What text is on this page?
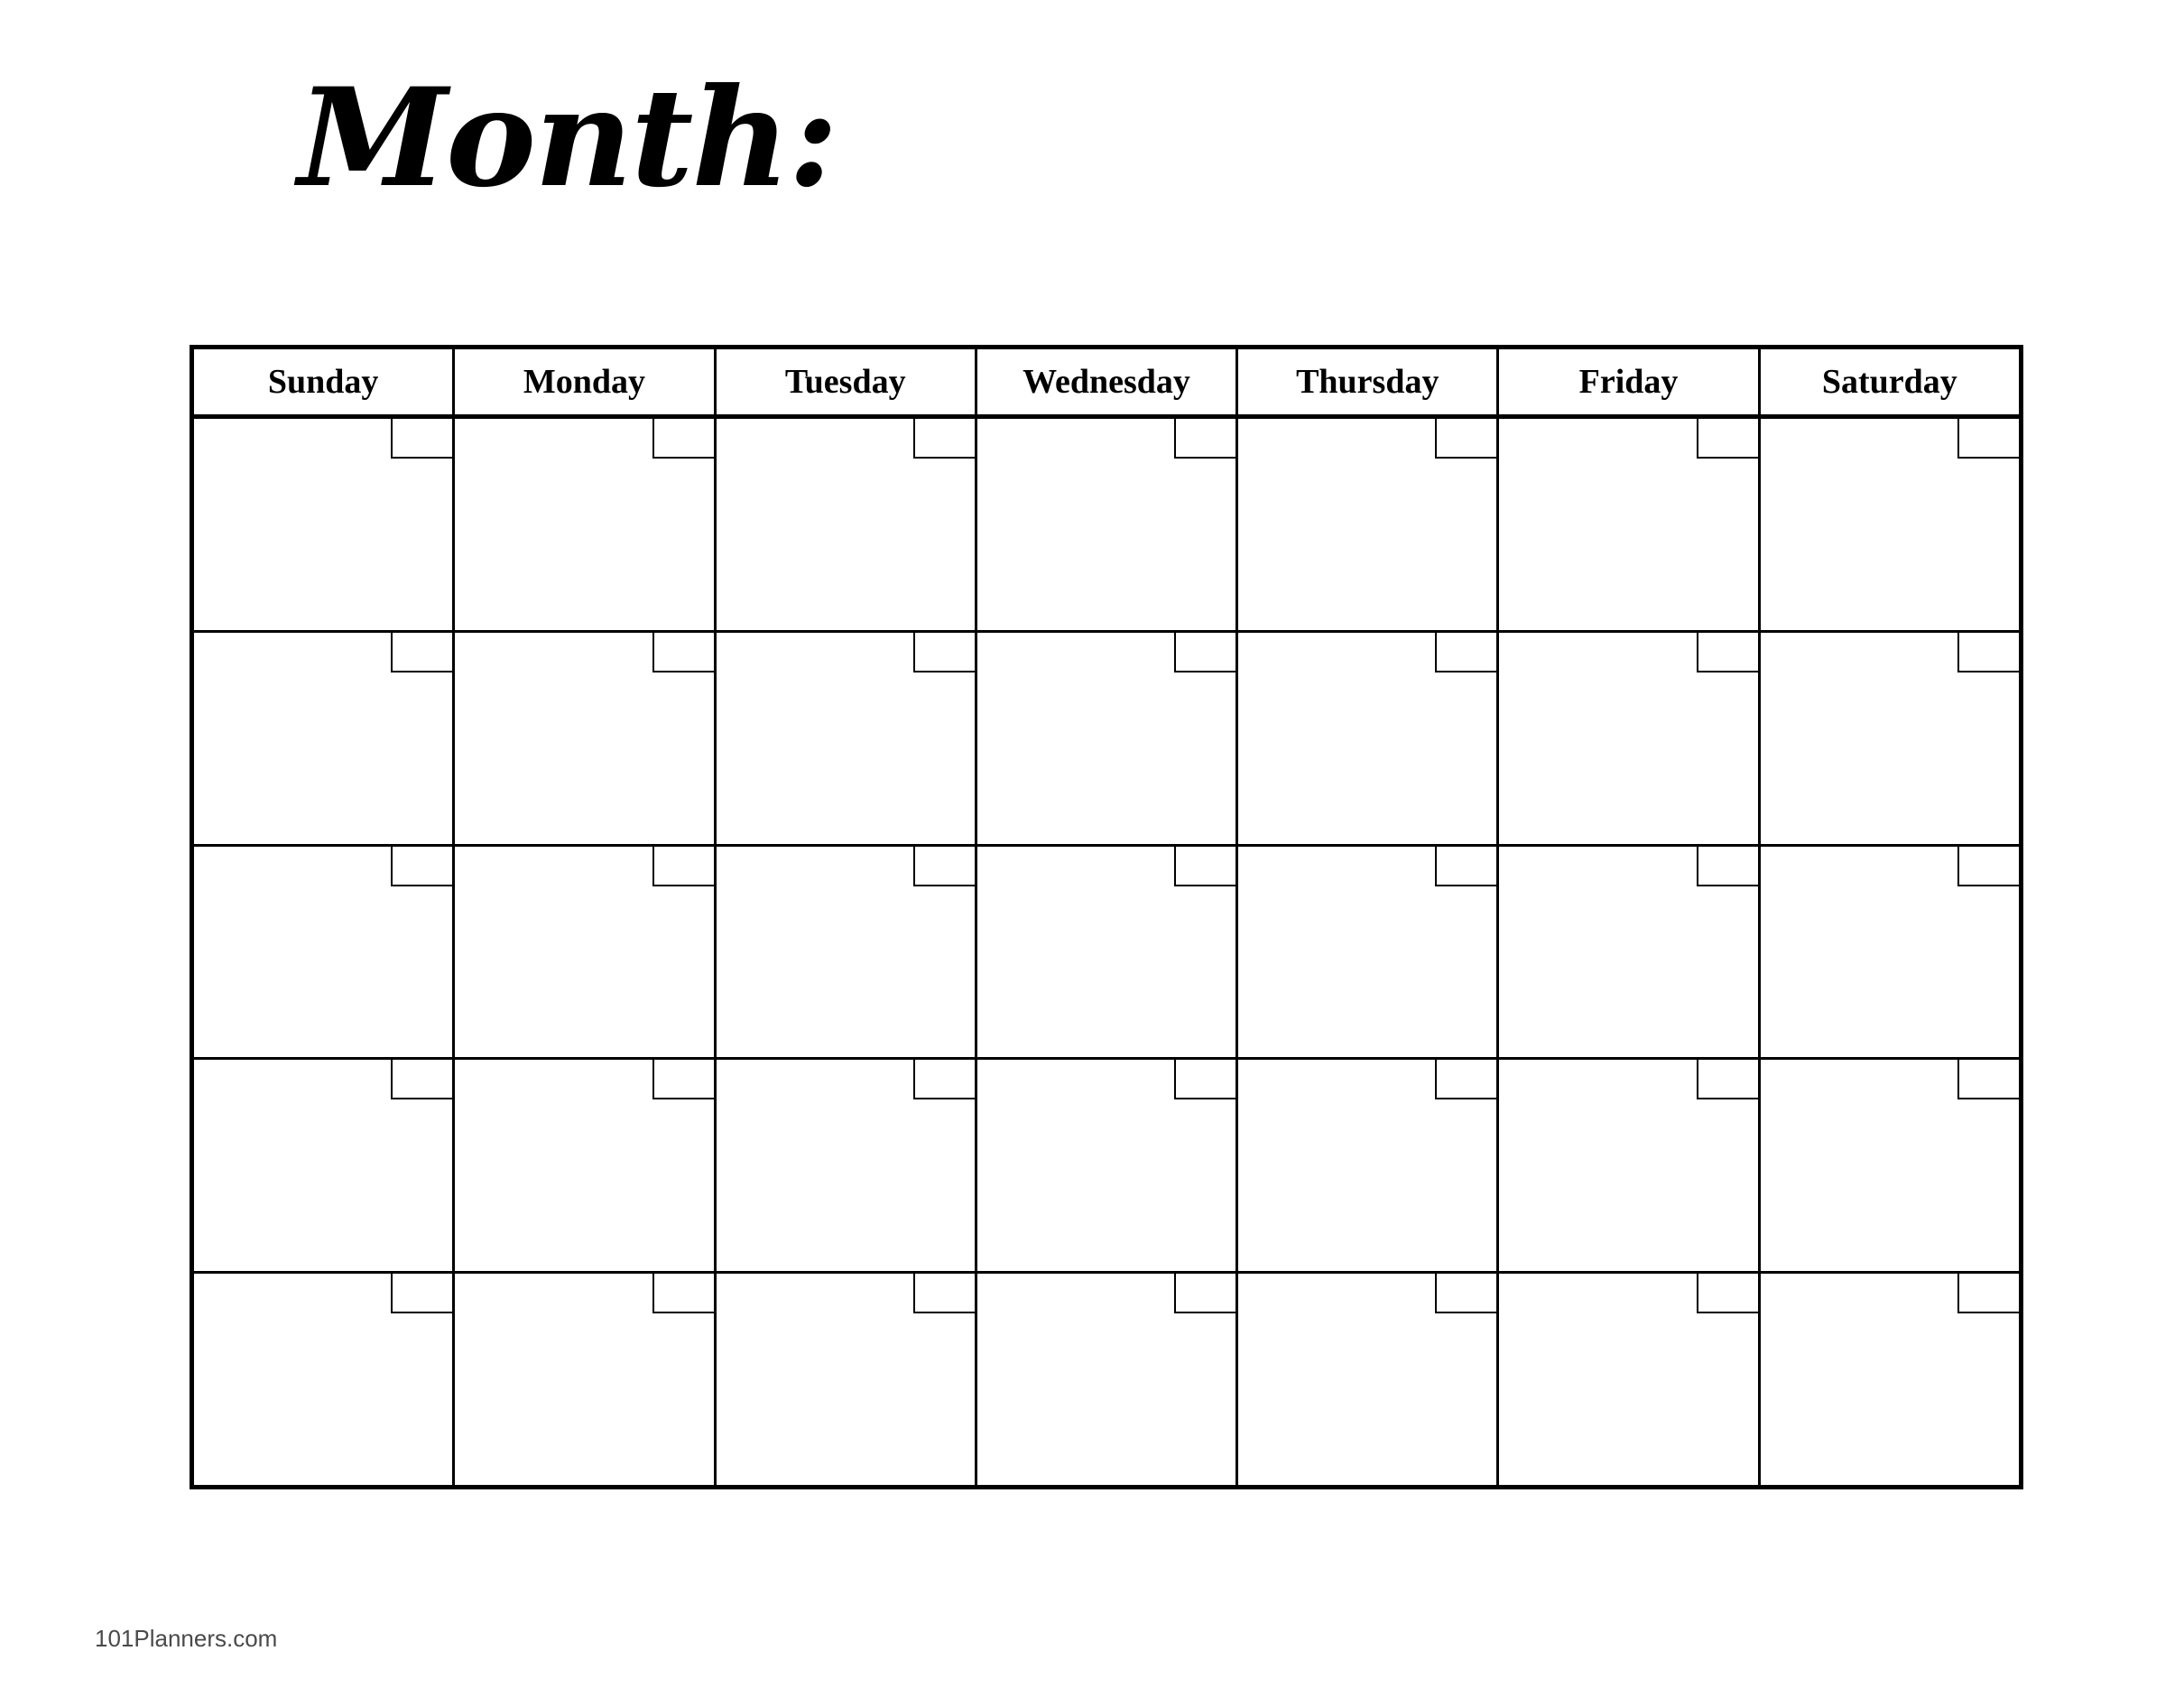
Month:
Sunday	Monday	Tuesday	Wednesday	Thursday	Friday	Saturday
101Planners.com
